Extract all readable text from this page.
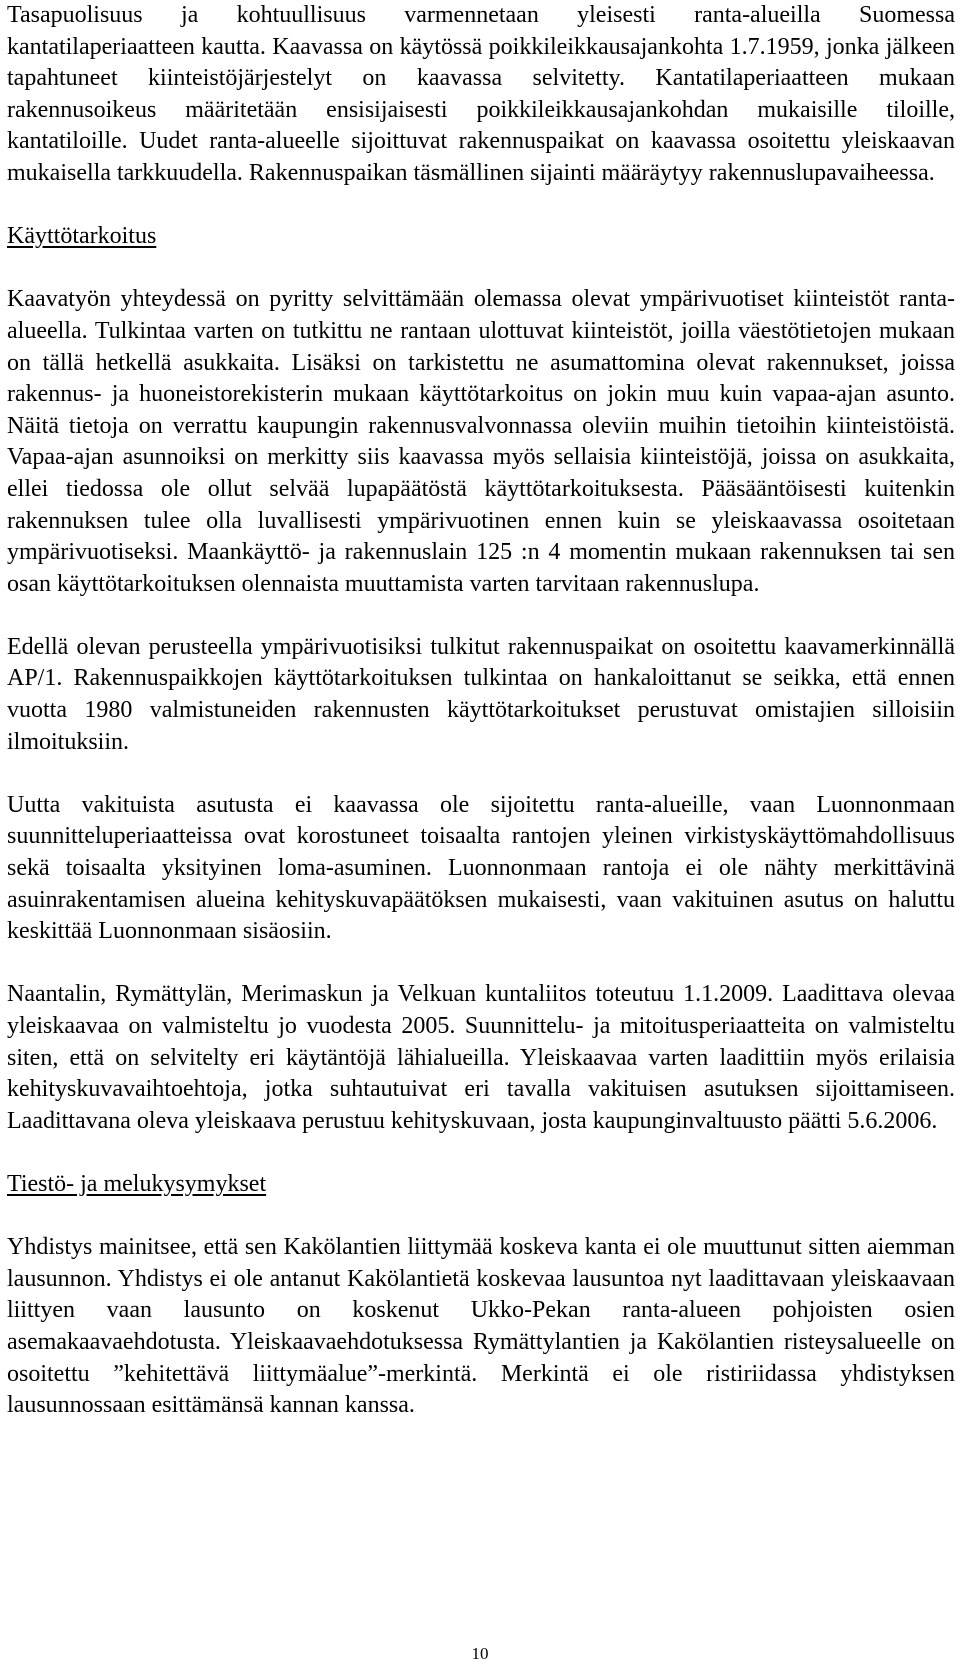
Tasapuolisuus ja kohtuullisuus varmennetaan yleisesti ranta-alueilla Suomessa kantatilaperiaatteen kautta. Kaavassa on käytössä poikkileikkausajankohta 1.7.1959, jonka jälkeen tapahtuneet kiinteistöjärjestelyt on kaavassa selvitetty. Kantatilaperiaatteen mukaan rakennusoikeus määritetään ensisijaisesti poikkileikkausajankohdan mukaisille tiloille, kantatiloille. Uudet ranta-alueelle sijoittuvat rakennuspaikat on kaavassa osoitettu yleiskaavan mukaisella tarkkuudella. Rakennuspaikan täsmällinen sijainti määräytyy rakennuslupavaiheessa.

Käyttötarkoitus

Kaavatyön yhteydessä on pyritty selvittämään olemassa olevat ympärivuotiset kiinteistöt ranta-alueella. Tulkintaa varten on tutkittu ne rantaan ulottuvat kiinteistöt, joilla väestötietojen mukaan on tällä hetkellä asukkaita. Lisäksi on tarkistettu ne asumattomina olevat rakennukset, joissa rakennus- ja huoneistorekisterin mukaan käyttötarkoitus on jokin muu kuin vapaa-ajan asunto. Näitä tietoja on verrattu kaupungin rakennusvalvonnassa oleviin muihin tietoihin kiinteistöistä. Vapaa-ajan asunnoiksi on merkitty siis kaavassa myös sellaisia kiinteistöjä, joissa on asukkaita, ellei tiedossa ole ollut selvää lupapäätöstä käyttötarkoituksesta. Pääsääntöisesti kuitenkin rakennuksen tulee olla luvallisesti ympärivuotinen ennen kuin se yleiskaavassa osoitetaan ympärivuotiseksi. Maankäyttö- ja rakennuslain 125 :n 4 momentin mukaan rakennuksen tai sen osan käyttötarkoituksen olennaista muuttamista varten tarvitaan rakennuslupa.

Edellä olevan perusteella ympärivuotisiksi tulkitut rakennuspaikat on osoitettu kaavamerkinnällä AP/1. Rakennuspaikkojen käyttötarkoituksen tulkintaa on hankaloittanut se seikka, että ennen vuotta 1980 valmistuneiden rakennusten käyttötarkoitukset perustuvat omistajien silloisiin ilmoituksiin.

Uutta vakituista asutusta ei kaavassa ole sijoitettu ranta-alueille, vaan Luonnonmaan suunnitteluperiaatteissa ovat korostuneet toisaalta rantojen yleinen virkistyskäyttömahdollisuus sekä toisaalta yksityinen loma-asuminen. Luonnonmaan rantoja ei ole nähty merkittävinä asuinrakentamisen alueina kehityskuvapäätöksen mukaisesti, vaan vakituinen asutus on haluttu keskittää Luonnonmaan sisäosiin.

Naantalin, Rymättylän, Merimaskun ja Velkuan kuntaliitos toteutuu 1.1.2009. Laadittava olevaa yleiskaavaa on valmisteltu jo vuodesta 2005. Suunnittelu- ja mitoitusperiaatteita on valmisteltu siten, että on selvitelty eri käytäntöjä lähialueilla. Yleiskaavaa varten laadittiin myös erilaisia kehityskuvavaihtoehtoja, jotka suhtautuivat eri tavalla vakituisen asutuksen sijoittamiseen. Laadittavana oleva yleiskaava perustuu kehityskuvaan, josta kaupunginvaltuusto päätti 5.6.2006.

Tiestö- ja melukysymykset

Yhdistys mainitsee, että sen Kakölantien liittymää koskeva kanta ei ole muuttunut sitten aiemman lausunnon. Yhdistys ei ole antanut Kakölantietä koskevaa lausuntoa nyt laadittavaan yleiskaavaan liittyen vaan lausunto on koskenut Ukko-Pekan ranta-alueen pohjoisten osien asemakaavaehdotusta. Yleiskaavaehdotuksessa Rymättylantien ja Kakölantien risteysalueelle on osoitettu ”kehitettävä liittymäalue”-merkintä. Merkintä ei ole ristiriidassa yhdistyksen lausunnossaan esittämänsä kannan kanssa.

10
